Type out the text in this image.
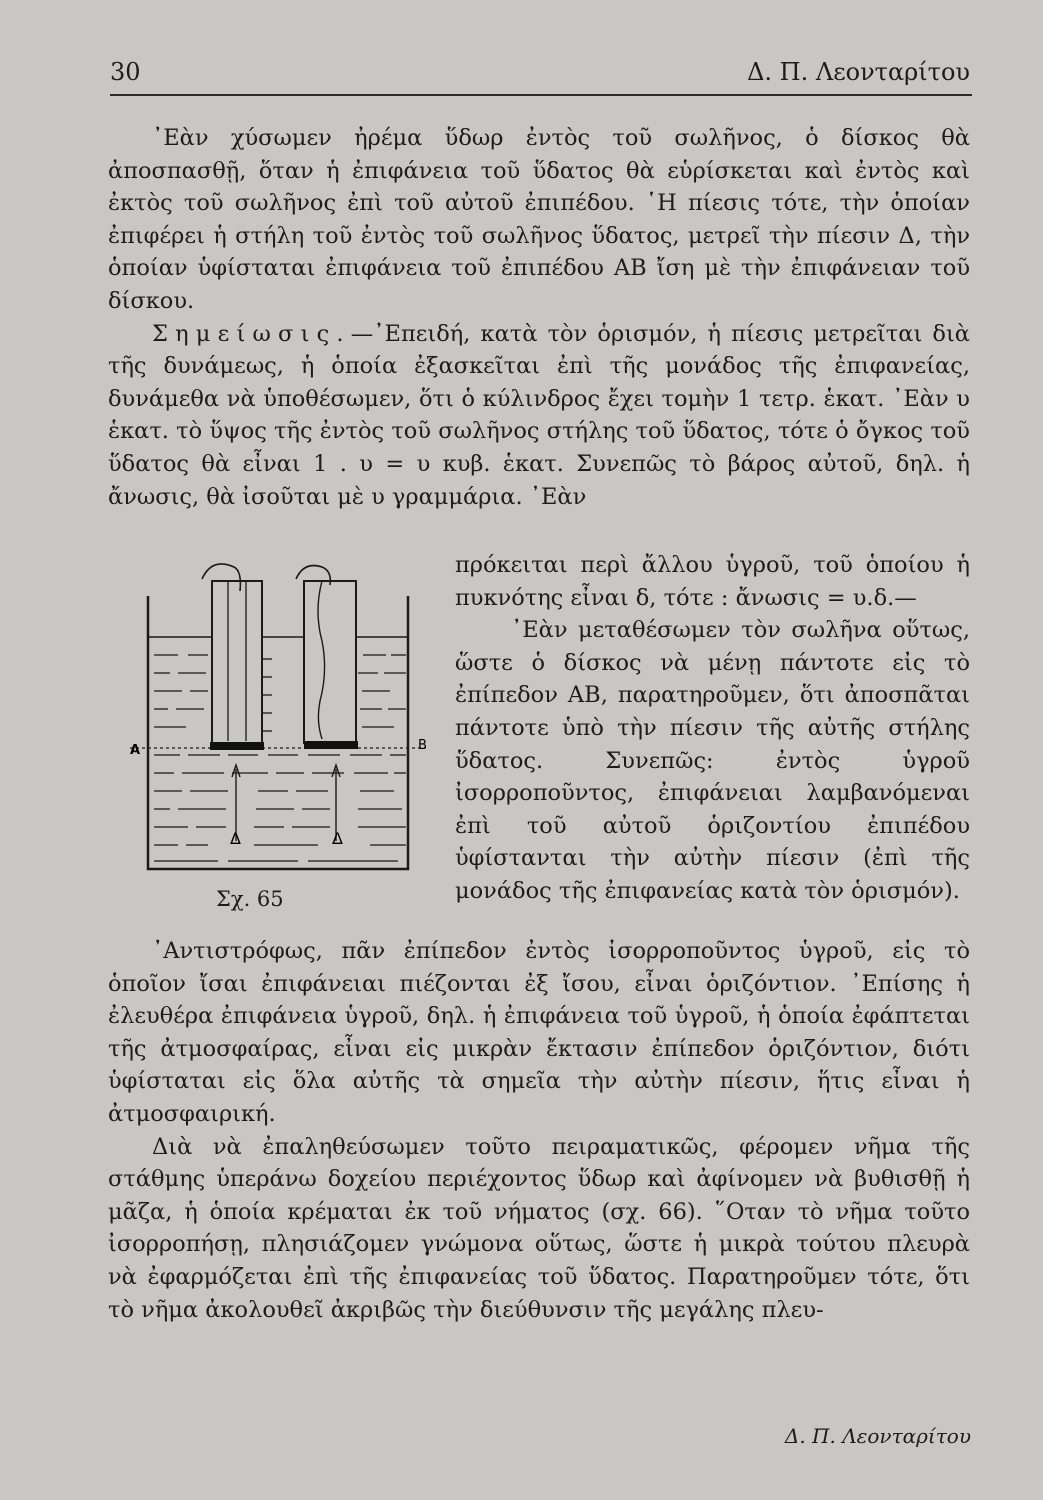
30	Δ. Π. Λεονταρίτου

᾽Εὰν χύσωμεν ἠρέμα ὕδωρ ἐντὸς τοῦ σωλῆνος, ὁ δίσκος θὰ ἀποσπασθῇ, ὅταν ἡ ἐπιφάνεια τοῦ ὕδατος θὰ εὑρίσκεται καὶ ἐντὸς καὶ ἐκτὸς τοῦ σωλῆνος ἐπὶ τοῦ αὐτοῦ ἐπιπέδου. ῾Η πίεσις τότε, τὴν ὁποίαν ἐπιφέρει ἡ στήλη τοῦ ἐντὸς τοῦ σωλῆνος ὕδατος, μετρεῖ τὴν πίεσιν Δ, τὴν ὁποίαν ὑφίσταται ἐπιφάνεια τοῦ ἐπιπέδου ΑΒ ἴση μὲ τὴν ἐπιφάνειαν τοῦ δίσκου.

Σημείωσις.—᾽Επειδή, κατὰ τὸν ὁρισμόν, ἡ πίεσις μετρεῖται διὰ τῆς δυνάμεως, ἡ ὁποία ἐξασκεῖται ἐπὶ τῆς μονάδος τῆς ἐπιφανείας, δυνάμεθα νὰ ὑποθέσωμεν, ὅτι ὁ κύλινδρος ἔχει τομὴν 1 τετρ. ἑκατ. ᾽Εὰν υ ἑκατ. τὸ ὕψος τῆς ἐντὸς τοῦ σωλῆνος στήλης τοῦ ὕδατος, τότε ὁ ὄγκος τοῦ ὕδατος θὰ εἶναι 1 . υ = υ κυβ. ἑκατ. Συνεπῶς τὸ βάρος αὐτοῦ, δηλ. ἡ ἄνωσις, θὰ ἰσοῦται μὲ υ γραμμάρια. ᾽Εὰν

Δ	Δ
A	B
Σχ. 65

πρόκειται περὶ ἄλλου ὑγροῦ, τοῦ ὁποίου ἡ πυκνότης εἶναι δ, τότε : ἄνωσις = υ.δ.—

᾽Εὰν μεταθέσωμεν τὸν σωλῆνα οὕτως, ὥστε ὁ δίσκος νὰ μένῃ πάντοτε εἰς τὸ ἐπίπεδον ΑΒ, παρατηροῦμεν, ὅτι ἀποσπᾶται πάντοτε ὑπὸ τὴν πίεσιν τῆς αὐτῆς στήλης ὕδατος. Συνεπῶς: ἐντὸς ὑγροῦ ἰσορροποῦντος, ἐπιφάνειαι λαμβανόμεναι ἐπὶ τοῦ αὐτοῦ ὁριζοντίου ἐπιπέδου ὑφίστανται τὴν αὐτὴν πίεσιν (ἐπὶ τῆς μονάδος τῆς ἐπιφανείας κατὰ τὸν ὁρισμόν).

᾽Αντιστρόφως, πᾶν ἐπίπεδον ἐντὸς ἰσορροποῦντος ὑγροῦ, εἰς τὸ ὁποῖον ἴσαι ἐπιφάνειαι πιέζονται ἐξ ἴσου, εἶναι ὁριζόντιον. ᾽Επίσης ἡ ἐλευθέρα ἐπιφάνεια ὑγροῦ, δηλ. ἡ ἐπιφάνεια τοῦ ὑγροῦ, ἡ ὁποία ἐφάπτεται τῆς ἀτμοσφαίρας, εἶναι εἰς μικρὰν ἔκτασιν ἐπίπεδον ὁριζόντιον, διότι ὑφίσταται εἰς ὅλα αὐτῆς τὰ σημεῖα τὴν αὐτὴν πίεσιν, ἥτις εἶναι ἡ ἀτμοσφαιρική.

Διὰ νὰ ἐπαληθεύσωμεν τοῦτο πειραματικῶς, φέρομεν νῆμα τῆς στάθμης ὑπεράνω δοχείου περιέχοντος ὕδωρ καὶ ἀφίνομεν νὰ βυθισθῇ ἡ μᾶζα, ἡ ὁποία κρέμαται ἐκ τοῦ νήματος (σχ. 66). ῞Οταν τὸ νῆμα τοῦτο ἰσορροπήσῃ, πλησιάζομεν γνώμονα οὕτως, ὥστε ἡ μικρὰ τούτου πλευρὰ νὰ ἐφαρμόζεται ἐπὶ τῆς ἐπιφανείας τοῦ ὕδατος. Παρατηροῦμεν τότε, ὅτι τὸ νῆμα ἀκολουθεῖ ἀκριβῶς τὴν διεύθυνσιν τῆς μεγάλης πλευ-

Δ. Π. Λεονταρίτου
